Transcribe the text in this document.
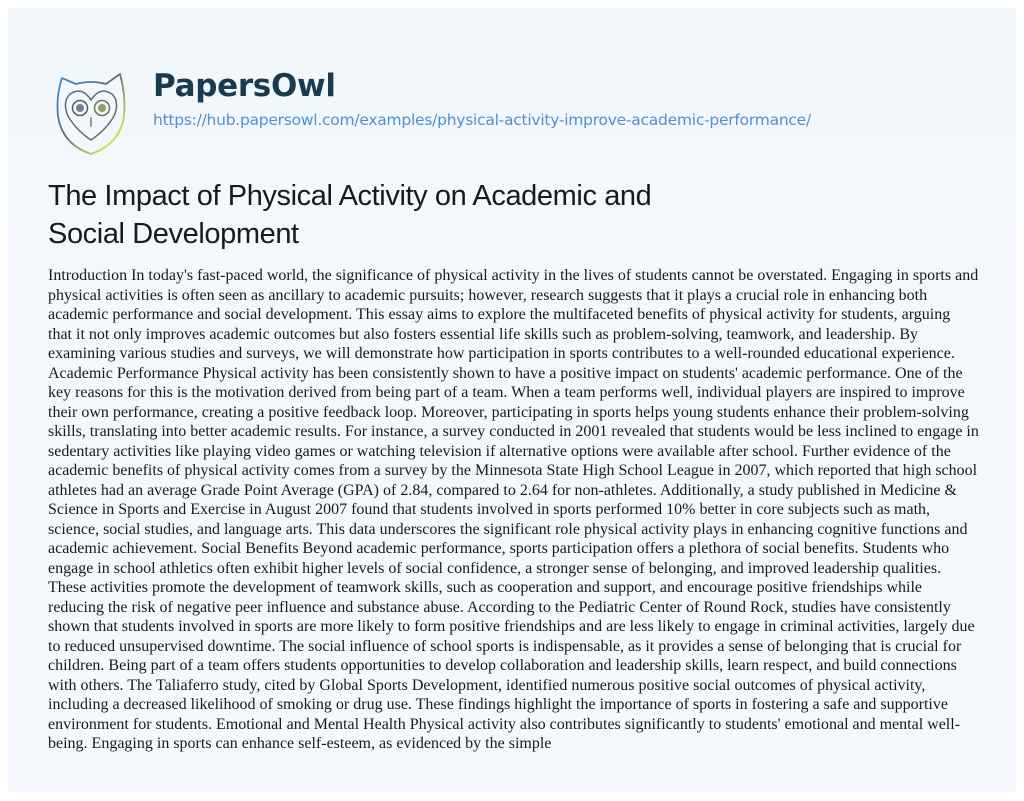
PapersOwl
https://hub.papersowl.com/examples/physical-activity-improve-academic-performance/
The Impact of Physical Activity on Academic and
Social Development
Introduction In today's fast-paced world, the significance of physical activity in the lives of students cannot be overstated. Engaging in sports and
physical activities is often seen as ancillary to academic pursuits; however, research suggests that it plays a crucial role in enhancing both
academic performance and social development. This essay aims to explore the multifaceted benefits of physical activity for students, arguing
that it not only improves academic outcomes but also fosters essential life skills such as problem-solving, teamwork, and leadership. By
examining various studies and surveys, we will demonstrate how participation in sports contributes to a well-rounded educational experience.
Academic Performance Physical activity has been consistently shown to have a positive impact on students' academic performance. One of the
key reasons for this is the motivation derived from being part of a team. When a team performs well, individual players are inspired to improve
their own performance, creating a positive feedback loop. Moreover, participating in sports helps young students enhance their problem-solving
skills, translating into better academic results. For instance, a survey conducted in 2001 revealed that students would be less inclined to engage in
sedentary activities like playing video games or watching television if alternative options were available after school. Further evidence of the
academic benefits of physical activity comes from a survey by the Minnesota State High School League in 2007, which reported that high school
athletes had an average Grade Point Average (GPA) of 2.84, compared to 2.64 for non-athletes. Additionally, a study published in Medicine &
Science in Sports and Exercise in August 2007 found that students involved in sports performed 10% better in core subjects such as math,
science, social studies, and language arts. This data underscores the significant role physical activity plays in enhancing cognitive functions and
academic achievement. Social Benefits Beyond academic performance, sports participation offers a plethora of social benefits. Students who
engage in school athletics often exhibit higher levels of social confidence, a stronger sense of belonging, and improved leadership qualities.
These activities promote the development of teamwork skills, such as cooperation and support, and encourage positive friendships while
reducing the risk of negative peer influence and substance abuse. According to the Pediatric Center of Round Rock, studies have consistently
shown that students involved in sports are more likely to form positive friendships and are less likely to engage in criminal activities, largely due
to reduced unsupervised downtime. The social influence of school sports is indispensable, as it provides a sense of belonging that is crucial for
children. Being part of a team offers students opportunities to develop collaboration and leadership skills, learn respect, and build connections
with others. The Taliaferro study, cited by Global Sports Development, identified numerous positive social outcomes of physical activity,
including a decreased likelihood of smoking or drug use. These findings highlight the importance of sports in fostering a safe and supportive
environment for students. Emotional and Mental Health Physical activity also contributes significantly to students' emotional and mental well-
being. Engaging in sports can enhance self-esteem, as evidenced by the simple
